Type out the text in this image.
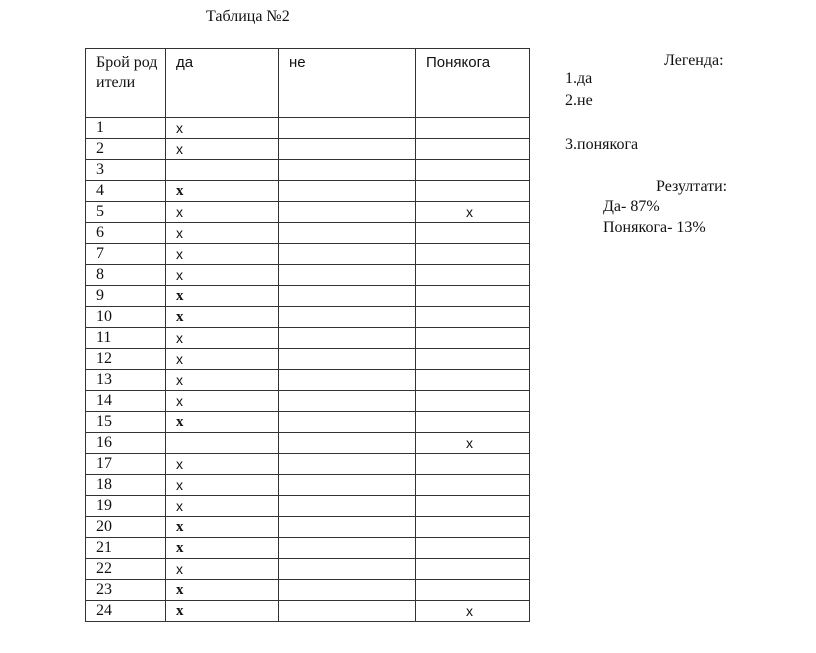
Таблица №2
Брой родители	да	не	Понякога
1	x		
2	x		
3			
4	x		
5	x		x
6	x		
7	x		
8	x		
9	x		
10	x		
11	x		
12	x		
13	x		
14	x		
15	x		
16			x
17	x		
18	x		
19	x		
20	x		
21	x		
22	x		
23	x		
24	x		x
Легенда:
1.да
2.не
3.понякога
Резултати:
Да- 87%
Понякога- 13%
